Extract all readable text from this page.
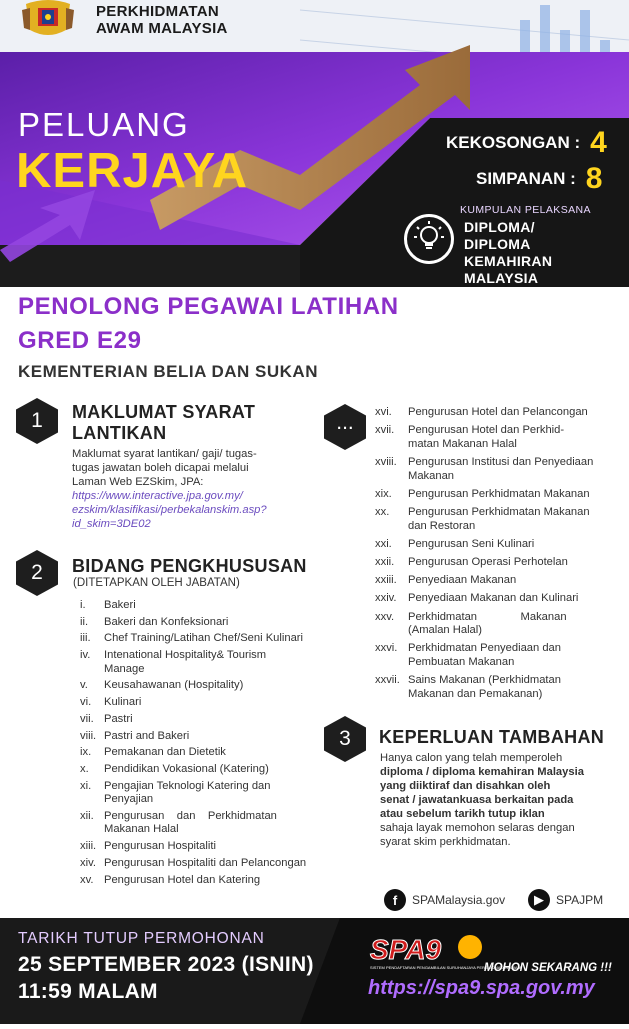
PERKHIDMATAN
AWAM MALAYSIA
PELUANG
KERJAYA
KEKOSONGAN : 4
SIMPANAN : 8
KUMPULAN PELAKSANA
DIPLOMA/
DIPLOMA
KEMAHIRAN
MALAYSIA
PENOLONG PEGAWAI LATIHAN
GRED E29
KEMENTERIAN BELIA DAN SUKAN
1	MAKLUMAT SYARAT
LANTIKAN
Maklumat syarat lantikan/ gaji/ tugas-
tugas jawatan boleh dicapai melalui
Laman Web EZSkim, JPA:
https://www.interactive.jpa.gov.my/
ezskim/klasifikasi/perbekalanskim.asp?
id_skim=3DE02
2	BIDANG PENGKHUSUSAN
(DITETAPKAN OLEH JABATAN)
i. Bakeri
ii. Bakeri dan Konfeksionari
iii. Chef Training/Latihan Chef/Seni Kulinari
iv. Intenational Hospitality& Tourism
Manage
v. Keusahawanan (Hospitality)
vi. Kulinari
vii. Pastri
viii. Pastri and Bakeri
ix. Pemakanan dan Dietetik
x. Pendidikan Vokasional (Katering)
xi. Pengajian Teknologi Katering dan
Penyajian
xii. Pengurusan    dan    Perkhidmatan
Makanan Halal
xiii. Pengurusan Hospitaliti
xiv. Pengurusan Hospitaliti dan Pelancongan
xv. Pengurusan Hotel dan Katering
...	xvi. Pengurusan Hotel dan Pelancongan
xvii. Pengurusan Hotel dan Perkhid-
matan Makanan Halal
xviii. Pengurusan Institusi dan Penyediaan
Makanan
xix. Pengurusan Perkhidmatan Makanan
xx. Pengurusan Perkhidmatan Makanan
dan Restoran
xxi. Pengurusan Seni Kulinari
xxii. Pengurusan Operasi Perhotelan
xxiii. Penyediaan Makanan
xxiv. Penyediaan Makanan dan Kulinari
xxv. Perkhidmatan              Makanan
(Amalan Halal)
xxvi. Perkhidmatan Penyediaan dan
Pembuatan Makanan
xxvii. Sains Makanan (Perkhidmatan
Makanan dan Pemakanan)
3	KEPERLUAN TAMBAHAN
Hanya calon yang telah memperoleh
diploma / diploma kemahiran Malaysia
yang diiktiraf dan disahkan oleh
senat / jawatankuasa berkaitan pada
atau sebelum tarikh tutup iklan
sahaja layak memohon selaras dengan
syarat skim perkhidmatan.
f	SPAMalaysia.gov	▶	SPAJPM
TARIKH TUTUP PERMOHONAN
25 SEPTEMBER 2023 (ISNIN)
11:59 MALAM
SPA9
SISTEM PENDAFTARAN PENGAMBILAN SURUHANJAYA PERKHIDMATAN AWAM
MOHON SEKARANG !!!
https://spa9.spa.gov.my
